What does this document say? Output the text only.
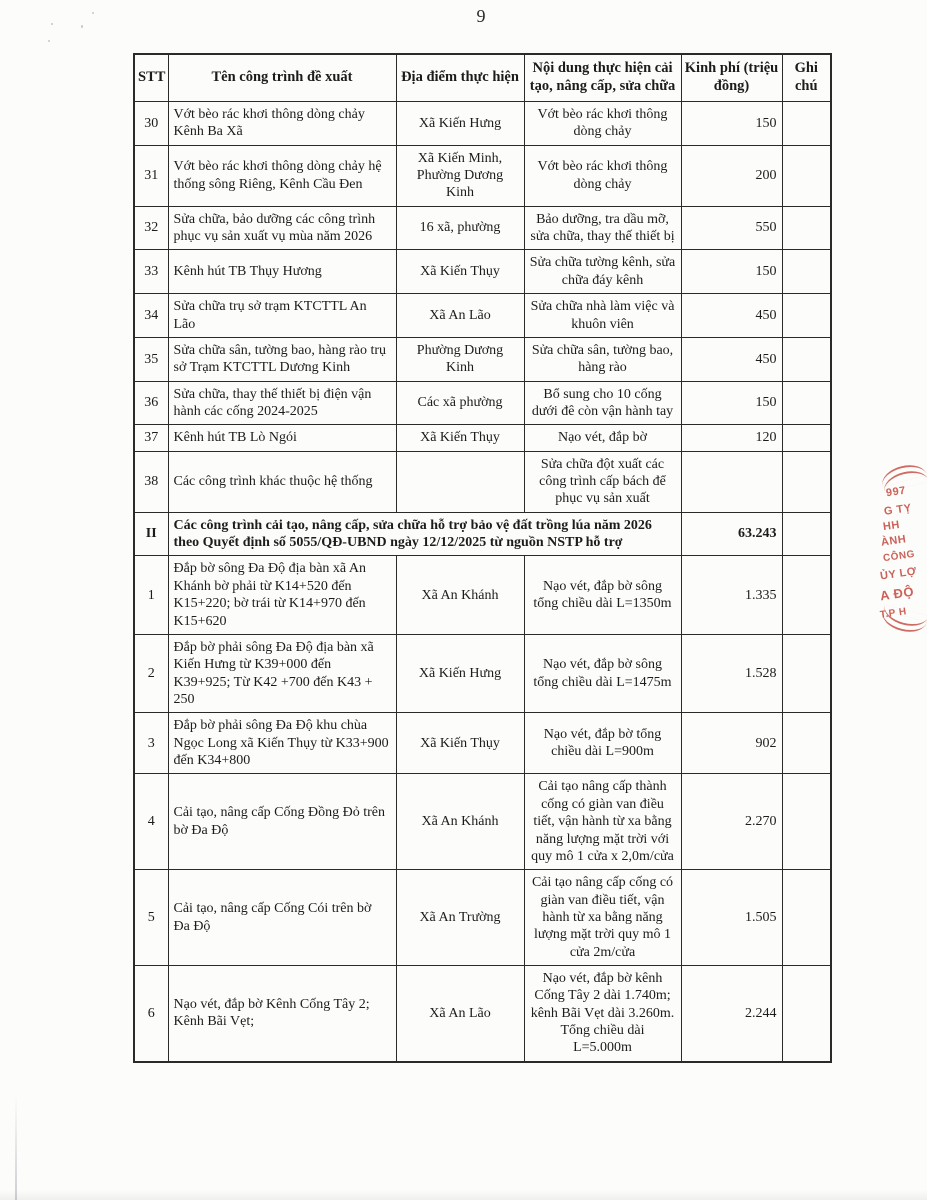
9
STT	Tên công trình đề xuất	Địa điểm thực hiện	Nội dung thực hiện cải tạo, nâng cấp, sửa chữa	Kinh phí (triệu đồng)	Ghi chú
30	Vớt bèo rác khơi thông dòng chảy Kênh Ba Xã	Xã Kiến Hưng	Vớt bèo rác khơi thông dòng chảy	150	
31	Vớt bèo rác khơi thông dòng chảy hệ thống sông Riêng, Kênh Cầu Đen	Xã Kiến Minh, Phường Dương Kinh	Vớt bèo rác khơi thông dòng chảy	200	
32	Sửa chữa, bảo dưỡng các công trình phục vụ sản xuất vụ mùa năm 2026	16 xã, phường	Bảo dưỡng, tra dầu mỡ, sửa chữa, thay thế thiết bị	550	
33	Kênh hút TB Thụy Hương	Xã Kiến Thụy	Sửa chữa tường kênh, sửa chữa đáy kênh	150	
34	Sửa chữa trụ sở trạm KTCTTL An Lão	Xã An Lão	Sửa chữa nhà làm việc và khuôn viên	450	
35	Sửa chữa sân, tường bao, hàng rào trụ sở Trạm KTCTTL Dương Kinh	Phường Dương Kinh	Sửa chữa sân, tường bao, hàng rào	450	
36	Sửa chữa, thay thế thiết bị điện vận hành các cống 2024-2025	Các xã phường	Bổ sung cho 10 cống dưới đê còn vận hành tay	150	
37	Kênh hút TB Lò Ngói	Xã Kiến Thụy	Nạo vét, đắp bờ	120	
38	Các công trình khác thuộc hệ thống		Sửa chữa đột xuất các công trình cấp bách để phục vụ sản xuất		
II	Các công trình cải tạo, nâng cấp, sửa chữa hỗ trợ bảo vệ đất trồng lúa năm 2026 theo Quyết định số 5055/QĐ-UBND ngày 12/12/2025 từ nguồn NSTP hỗ trợ			63.243	
1	Đắp bờ sông Đa Độ địa bàn xã An Khánh bờ phải từ K14+520 đến K15+220; bờ trái từ K14+970 đến K15+620	Xã An Khánh	Nạo vét, đắp bờ sông tổng chiều dài L=1350m	1.335	
2	Đắp bờ phải sông Đa Độ địa bàn xã Kiến Hưng từ K39+000 đến K39+925; Từ K42 +700 đến K43 + 250	Xã Kiến Hưng	Nạo vét, đắp bờ sông tổng chiều dài L=1475m	1.528	
3	Đắp bờ phải sông Đa Độ khu chùa Ngọc Long xã Kiến Thụy từ K33+900 đến K34+800	Xã Kiến Thụy	Nạo vét, đắp bờ tổng chiều dài L=900m	902	
4	Cải tạo, nâng cấp Cống Đồng Đỏ trên bờ Đa Độ	Xã An Khánh	Cải tạo nâng cấp thành cống có giàn van điều tiết, vận hành từ xa bằng năng lượng mặt trời với quy mô 1 cửa x 2,0m/cửa	2.270	
5	Cải tạo, nâng cấp Cống Cói trên bờ Đa Độ	Xã An Trường	Cải tạo nâng cấp cống có giàn van điều tiết, vận hành từ xa bằng năng lượng mặt trời quy mô 1 cửa 2m/cửa	1.505	
6	Nạo vét, đắp bờ Kênh Cống Tây 2; Kênh Bãi Vẹt;	Xã An Lão	Nạo vét, đắp bờ kênh Cống Tây 2 dài 1.740m; kênh Bãi Vẹt dài 3.260m. Tổng chiều dài L=5.000m	2.244	
997
G TỴ
HH
ÀNH
CÔNG
ỦY LỢ
A ĐỘ
T.P H
